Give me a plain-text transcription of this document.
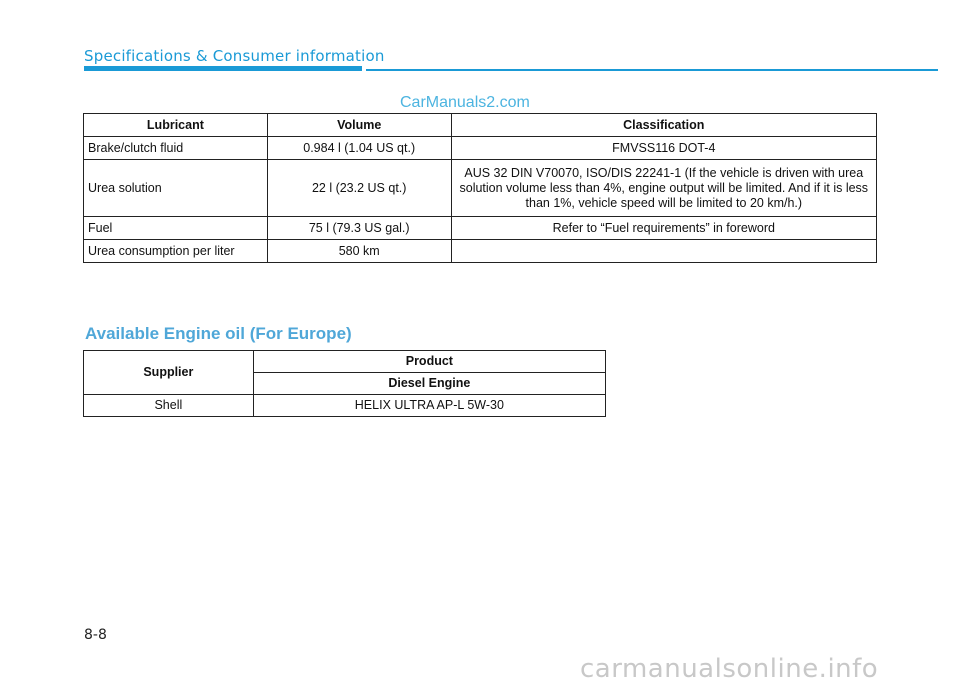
Specifications & Consumer information
CarManuals2.com
Lubricant	Volume	Classification
Brake/clutch fluid	0.984 l (1.04 US qt.)	FMVSS116 DOT-4
Urea solution	22 l (23.2 US qt.)	AUS 32 DIN V70070, ISO/DIS 22241-1 (If the vehicle is driven with urea solution volume less than 4%, engine output will be limited. And if it is less than 1%, vehicle speed will be limited to 20 km/h.)
Fuel	75 l (79.3 US gal.)	Refer to “Fuel requirements” in foreword
Urea consumption per liter	580 km	
Available Engine oil (For Europe)
Supplier	Product
	Diesel Engine
Shell	HELIX ULTRA AP-L 5W-30
8-8
carmanualsonline.info
